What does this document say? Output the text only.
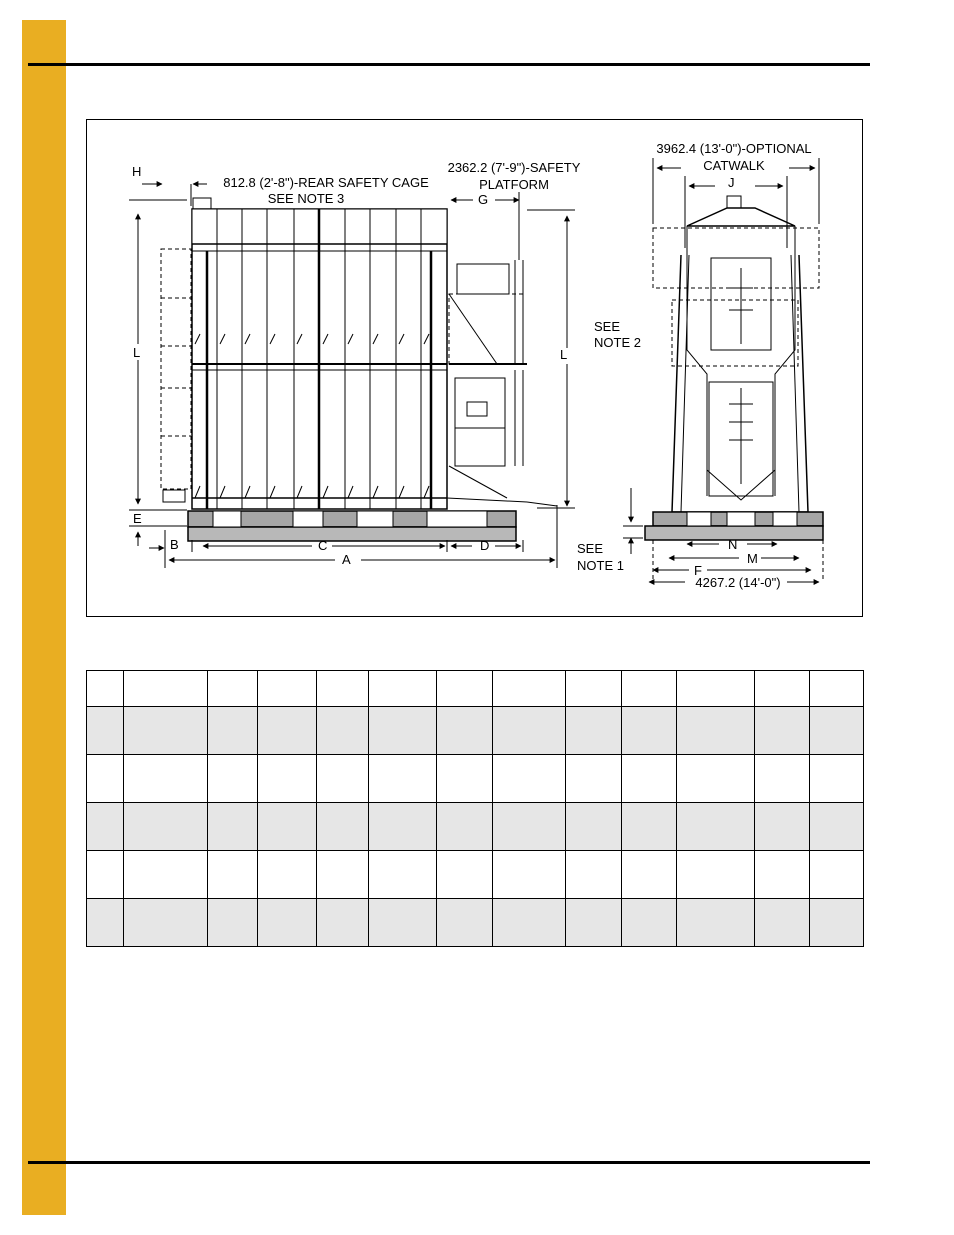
H
812.8 (2'-8")-REAR SAFETY CAGE
SEE NOTE 3
2362.2 (7'-9")-SAFETY
PLATFORM
G
L	L
SEE
NOTE 2
E
B	C	D
A
SEE
NOTE 1
3962.4 (13'-0")-OPTIONAL
CATWALK
J
N
M
F
4267.2 (14'-0")
